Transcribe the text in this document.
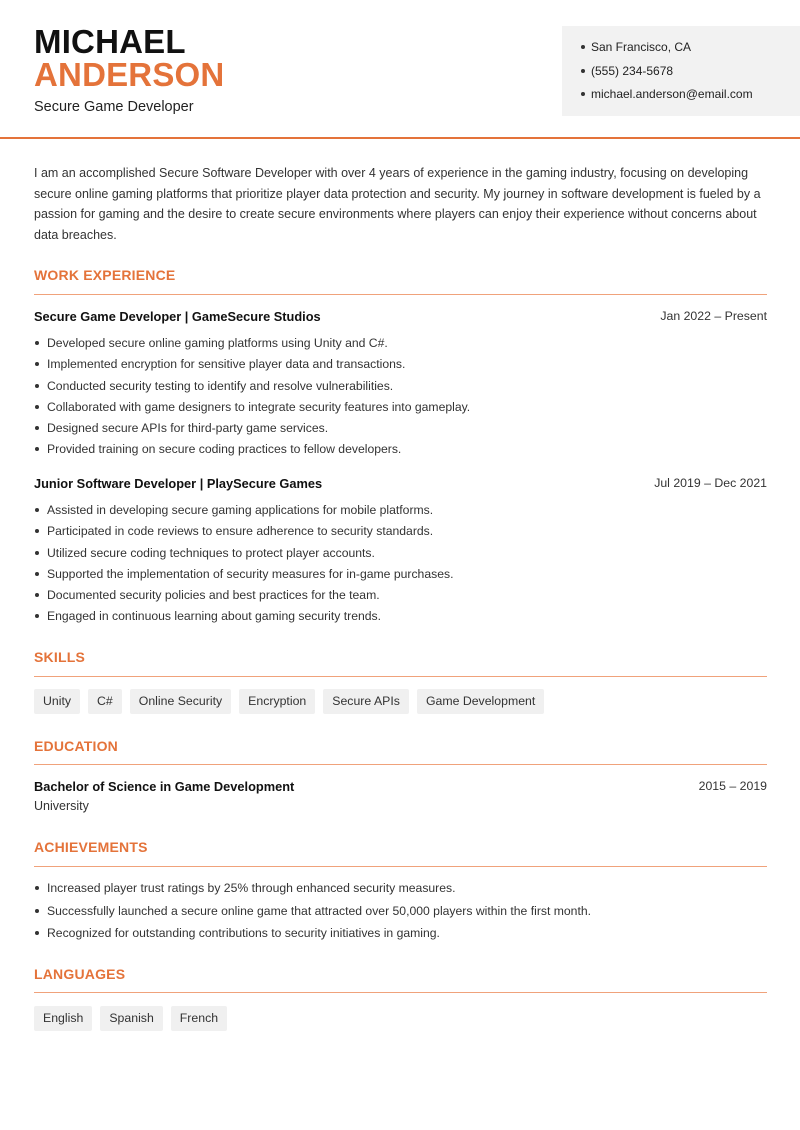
MICHAEL
ANDERSON
Secure Game Developer
San Francisco, CA
(555) 234-5678
michael.anderson@email.com

I am an accomplished Secure Software Developer with over 4 years of experience in the gaming industry, focusing on developing secure online gaming platforms that prioritize player data protection and security. My journey in software development is fueled by a passion for gaming and the desire to create secure environments where players can enjoy their experience without concerns about data breaches.

WORK EXPERIENCE
Secure Game Developer | GameSecure Studios	Jan 2022 – Present
Developed secure online gaming platforms using Unity and C#.
Implemented encryption for sensitive player data and transactions.
Conducted security testing to identify and resolve vulnerabilities.
Collaborated with game designers to integrate security features into gameplay.
Designed secure APIs for third-party game services.
Provided training on secure coding practices to fellow developers.
Junior Software Developer | PlaySecure Games	Jul 2019 – Dec 2021
Assisted in developing secure gaming applications for mobile platforms.
Participated in code reviews to ensure adherence to security standards.
Utilized secure coding techniques to protect player accounts.
Supported the implementation of security measures for in-game purchases.
Documented security policies and best practices for the team.
Engaged in continuous learning about gaming security trends.
SKILLS
Unity	C#	Online Security	Encryption	Secure APIs	Game Development
EDUCATION
Bachelor of Science in Game Development	2015 – 2019
University
ACHIEVEMENTS
Increased player trust ratings by 25% through enhanced security measures.
Successfully launched a secure online game that attracted over 50,000 players within the first month.
Recognized for outstanding contributions to security initiatives in gaming.
LANGUAGES
English	Spanish	French
